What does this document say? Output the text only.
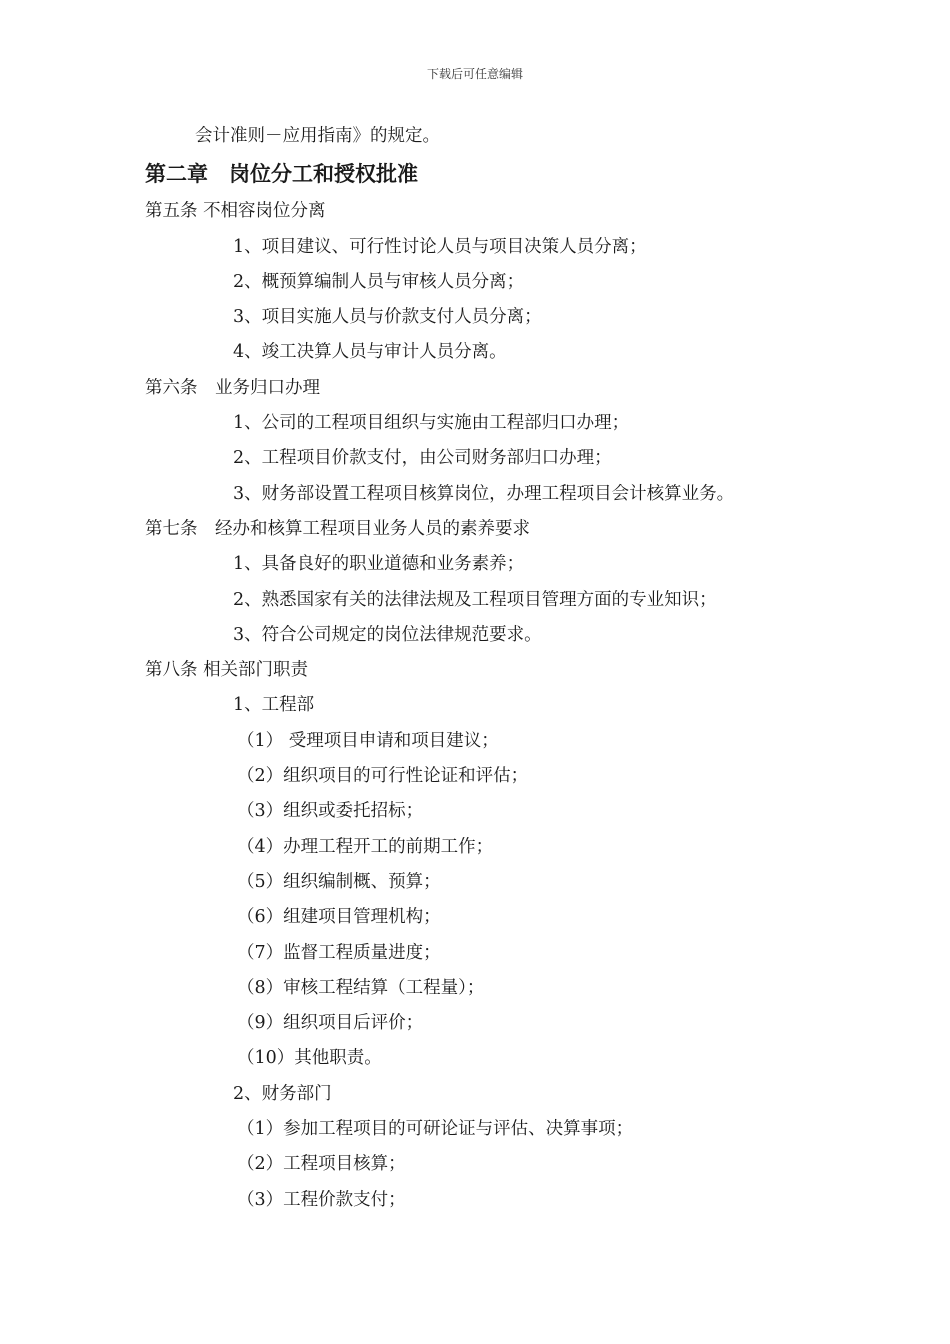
下载后可任意编辑
会计准则－应用指南》的规定。
第二章　岗位分工和授权批准
第五条 不相容岗位分离
1、项目建议、可行性讨论人员与项目决策人员分离；
2、概预算编制人员与审核人员分离；
3、项目实施人员与价款支付人员分离；
4、竣工决算人员与审计人员分离。
第六条　业务归口办理
1、公司的工程项目组织与实施由工程部归口办理；
2、工程项目价款支付，由公司财务部归口办理；
3、财务部设置工程项目核算岗位，办理工程项目会计核算业务。
第七条　经办和核算工程项目业务人员的素养要求
1、具备良好的职业道德和业务素养；
2、熟悉国家有关的法律法规及工程项目管理方面的专业知识；
3、符合公司规定的岗位法律规范要求。
第八条 相关部门职责
1、工程部
（1） 受理项目申请和项目建议；
（2）组织项目的可行性论证和评估；
（3）组织或委托招标；
（4）办理工程开工的前期工作；
（5）组织编制概、预算；
（6）组建项目管理机构；
（7）监督工程质量进度；
（8）审核工程结算（工程量）；
（9）组织项目后评价；
（10）其他职责。
2、财务部门
（1）参加工程项目的可研论证与评估、决算事项；
（2）工程项目核算；
（3）工程价款支付；
